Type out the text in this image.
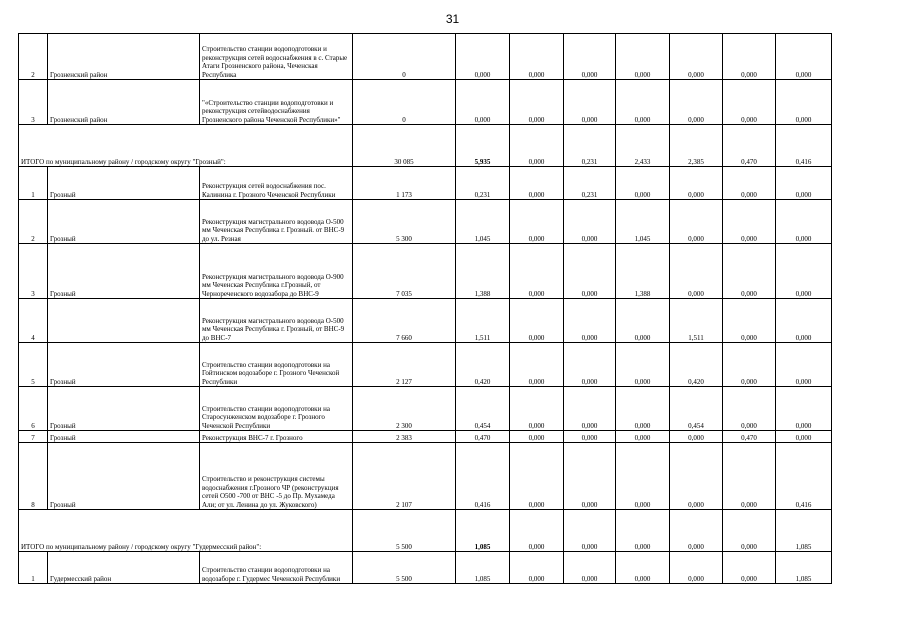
31
2	Грозненский район	Строительство станции водоподготовки и реконструкция сетей водоснабжения в с. Старые Атаги Грозненского района, Чеченская Республика	0	0,000	0,000	0,000	0,000	0,000	0,000	0,000
3	Грозненский район	"«Строительство станции водоподготовки и реконструкция сетейводоснабжения Грозненского района Чеченской Республики»"	0	0,000	0,000	0,000	0,000	0,000	0,000	0,000
ИТОГО по муниципальному району / городскому округу "Грозный":			30 085	5,935	0,000	0,231	2,433	2,385	0,470	0,416
1	Грозный	Реконструкция сетей водоснабжения пос. Калинина г. Грозного Чеченской Республики	1 173	0,231	0,000	0,231	0,000	0,000	0,000	0,000
2	Грозный	Реконструкция магистрального водовода О-500 мм Чеченская Республика г. Грозный. от ВНС-9 до ул. Резная	5 300	1,045	0,000	0,000	1,045	0,000	0,000	0,000
3	Грозный	Реконструкция магистрального водовода О-900 мм Чеченская Республика г.Грозный, от Чернореченского водозабора до ВНС-9	7 035	1,388	0,000	0,000	1,388	0,000	0,000	0,000
4		Реконструкция магистрального водовода О-500 мм Чеченская Республика г. Грозный, от ВНС-9 до ВНС-7	7 660	1,511	0,000	0,000	0,000	1,511	0,000	0,000
5	Грозный	Строительство станции водоподготовки на Гойтинском водозаборе г. Грозного Чеченской Республики	2 127	0,420	0,000	0,000	0,000	0,420	0,000	0,000
6	Грозный	Строительство станции водоподготовки на Старосунженском водозаборе г. Грозного Чеченской Республики	2 300	0,454	0,000	0,000	0,000	0,454	0,000	0,000
7	Грозный	Реконструкция ВНС-7 г. Грозного	2 383	0,470	0,000	0,000	0,000	0,000	0,470	0,000
8	Грозный	Строительство и реконструкция системы водоснабжения г.Грозного ЧР (реконструкция сетей О500 -700 от ВНС -5 до Пр. Мухамеда Али; от ул. Ленина до ул. Жуковского)	2 107	0,416	0,000	0,000	0,000	0,000	0,000	0,416
ИТОГО по муниципальному району / городскому округу "Гудермесский район":			5 500	1,085	0,000	0,000	0,000	0,000	0,000	1,085
1	Гудермесский район	Строительство станции водоподготовки на водозаборе г. Гудермес Чеченской Республики	5 500	1,085	0,000	0,000	0,000	0,000	0,000	1,085
